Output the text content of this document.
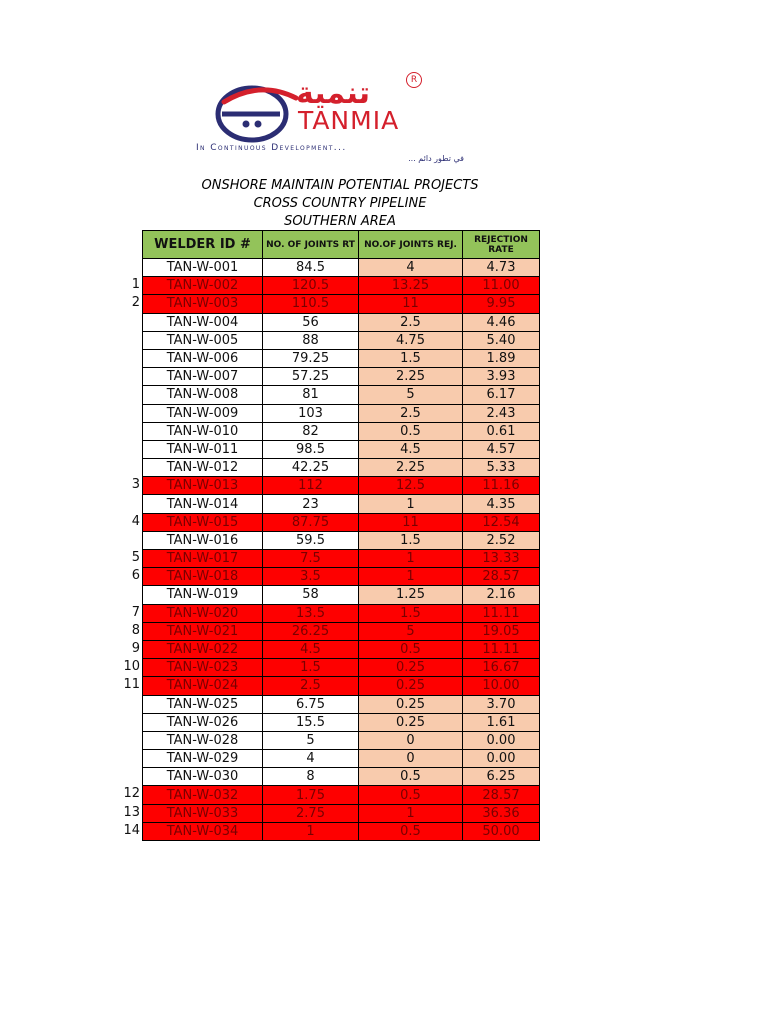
تنمية	R
TANMIA
In Continuous Development...
... في تطور دائم
ONSHORE MAINTAIN POTENTIAL PROJECTS
CROSS COUNTRY PIPELINE
SOUTHERN AREA
1
2
3
4
5
6
7
8
9
10
11
12
13
14
WELDER ID #	NO. OF JOINTS RT	NO.OF JOINTS REJ.	REJECTION RATE
TAN-W-001	84.5	4	4.73
TAN-W-002	120.5	13.25	11.00
TAN-W-003	110.5	11	9.95
TAN-W-004	56	2.5	4.46
TAN-W-005	88	4.75	5.40
TAN-W-006	79.25	1.5	1.89
TAN-W-007	57.25	2.25	3.93
TAN-W-008	81	5	6.17
TAN-W-009	103	2.5	2.43
TAN-W-010	82	0.5	0.61
TAN-W-011	98.5	4.5	4.57
TAN-W-012	42.25	2.25	5.33
TAN-W-013	112	12.5	11.16
TAN-W-014	23	1	4.35
TAN-W-015	87.75	11	12.54
TAN-W-016	59.5	1.5	2.52
TAN-W-017	7.5	1	13.33
TAN-W-018	3.5	1	28.57
TAN-W-019	58	1.25	2.16
TAN-W-020	13.5	1.5	11.11
TAN-W-021	26.25	5	19.05
TAN-W-022	4.5	0.5	11.11
TAN-W-023	1.5	0.25	16.67
TAN-W-024	2.5	0.25	10.00
TAN-W-025	6.75	0.25	3.70
TAN-W-026	15.5	0.25	1.61
TAN-W-028	5	0	0.00
TAN-W-029	4	0	0.00
TAN-W-030	8	0.5	6.25
TAN-W-032	1.75	0.5	28.57
TAN-W-033	2.75	1	36.36
TAN-W-034	1	0.5	50.00
